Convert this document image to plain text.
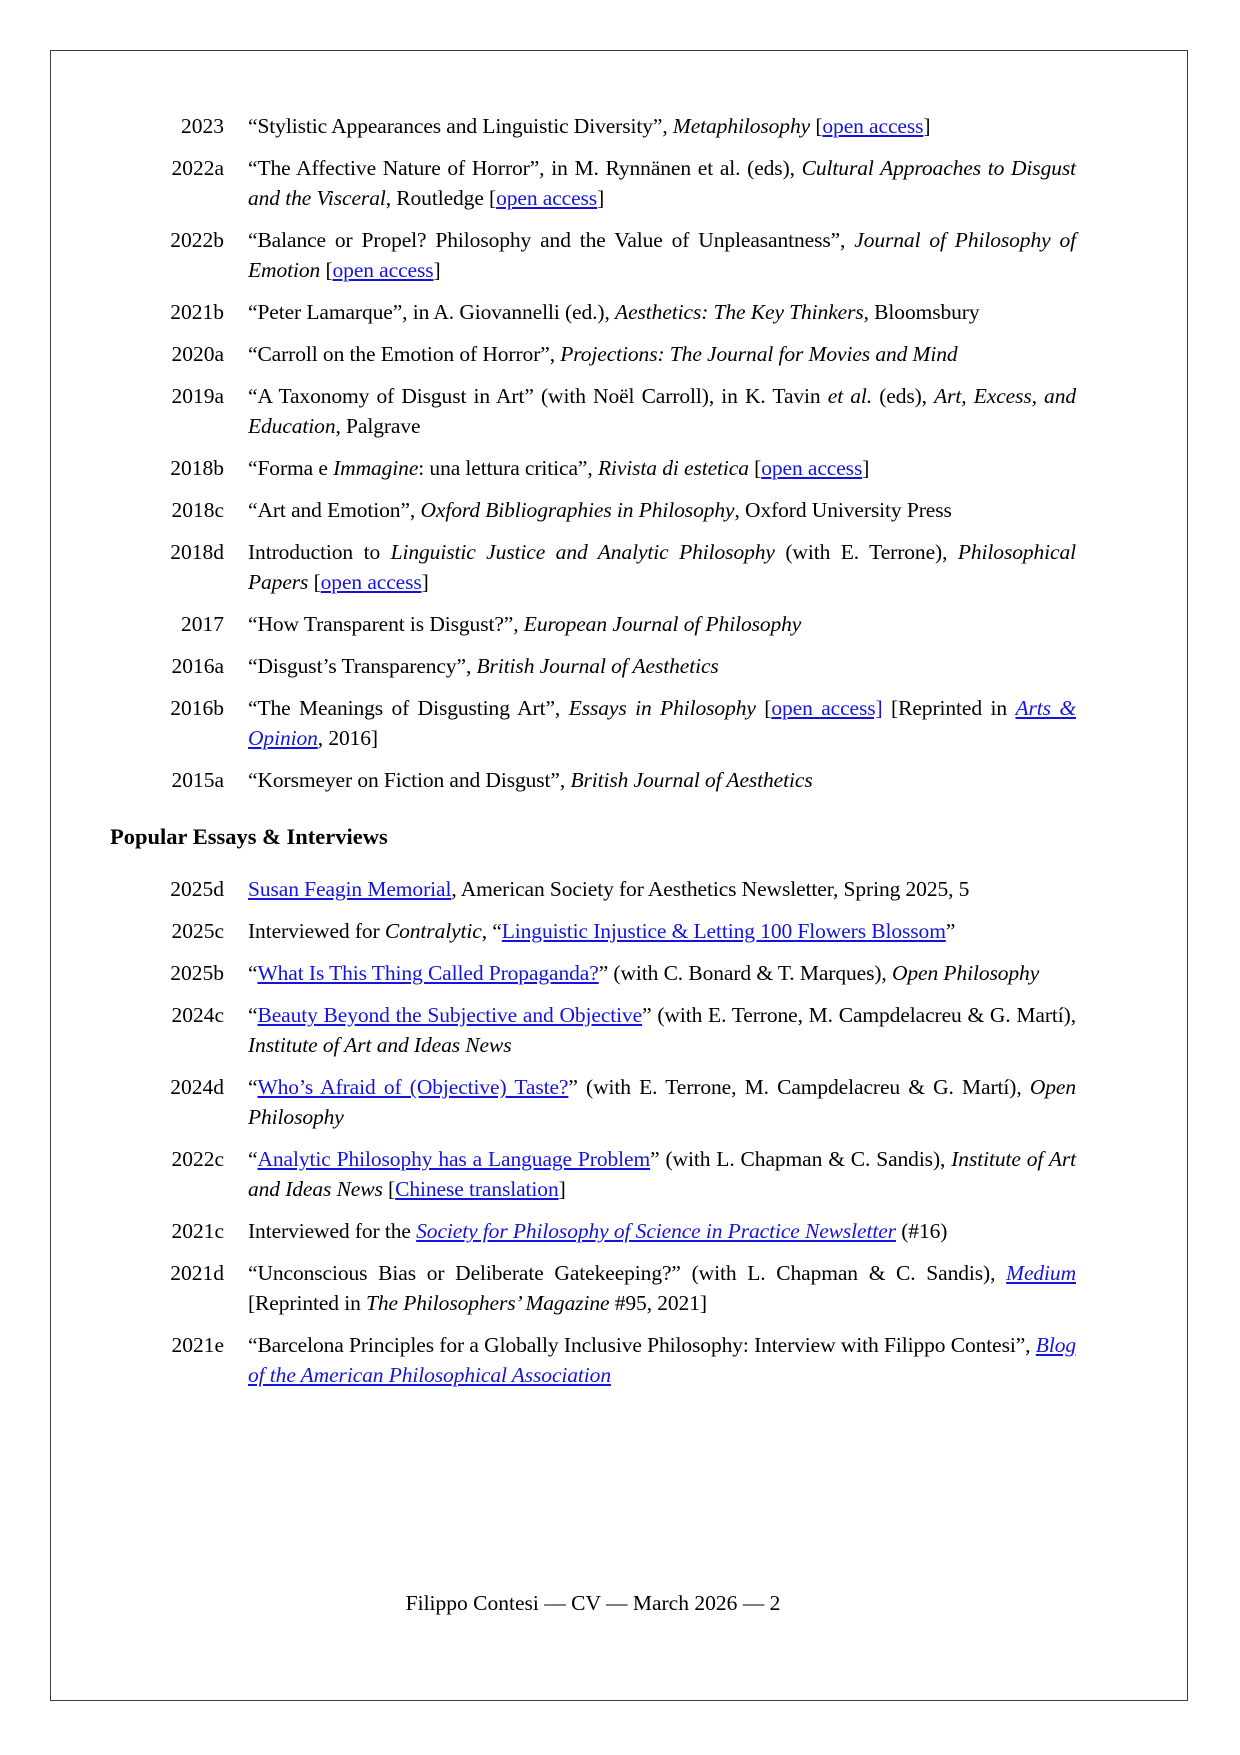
2023 “Stylistic Appearances and Linguistic Diversity”, Metaphilosophy [open access]
2022a “The Affective Nature of Horror”, in M. Rynnänen et al. (eds), Cultural Approaches to Disgust and the Visceral, Routledge [open access]
2022b “Balance or Propel? Philosophy and the Value of Unpleasantness”, Journal of Philosophy of Emotion [open access]
2021b “Peter Lamarque”, in A. Giovannelli (ed.), Aesthetics: The Key Thinkers, Bloomsbury
2020a “Carroll on the Emotion of Horror”, Projections: The Journal for Movies and Mind
2019a “A Taxonomy of Disgust in Art” (with Noël Carroll), in K. Tavin et al. (eds), Art, Excess, and Education, Palgrave
2018b “Forma e Immagine: una lettura critica”, Rivista di estetica [open access]
2018c “Art and Emotion”, Oxford Bibliographies in Philosophy, Oxford University Press
2018d Introduction to Linguistic Justice and Analytic Philosophy (with E. Terrone), Philosophical Papers [open access]
2017 “How Transparent is Disgust?”, European Journal of Philosophy
2016a “Disgust’s Transparency”, British Journal of Aesthetics
2016b “The Meanings of Disgusting Art”, Essays in Philosophy [open access] [Reprinted in Arts & Opinion, 2016]
2015a “Korsmeyer on Fiction and Disgust”, British Journal of Aesthetics
Popular Essays & Interviews
2025d Susan Feagin Memorial, American Society for Aesthetics Newsletter, Spring 2025, 5
2025c Interviewed for Contralytic, “Linguistic Injustice & Letting 100 Flowers Blossom”
2025b “What Is This Thing Called Propaganda?” (with C. Bonard & T. Marques), Open Philosophy
2024c “Beauty Beyond the Subjective and Objective” (with E. Terrone, M. Campdelacreu & G. Martí), Institute of Art and Ideas News
2024d “Who’s Afraid of (Objective) Taste?” (with E. Terrone, M. Campdelacreu & G. Martí), Open Philosophy
2022c “Analytic Philosophy has a Language Problem” (with L. Chapman & C. Sandis), Institute of Art and Ideas News [Chinese translation]
2021c Interviewed for the Society for Philosophy of Science in Practice Newsletter (#16)
2021d “Unconscious Bias or Deliberate Gatekeeping?” (with L. Chapman & C. Sandis), Medium [Reprinted in The Philosophers’ Magazine #95, 2021]
2021e “Barcelona Principles for a Globally Inclusive Philosophy: Interview with Filippo Contesi”, Blog of the American Philosophical Association
Filippo Contesi — CV — March 2026 — 2
